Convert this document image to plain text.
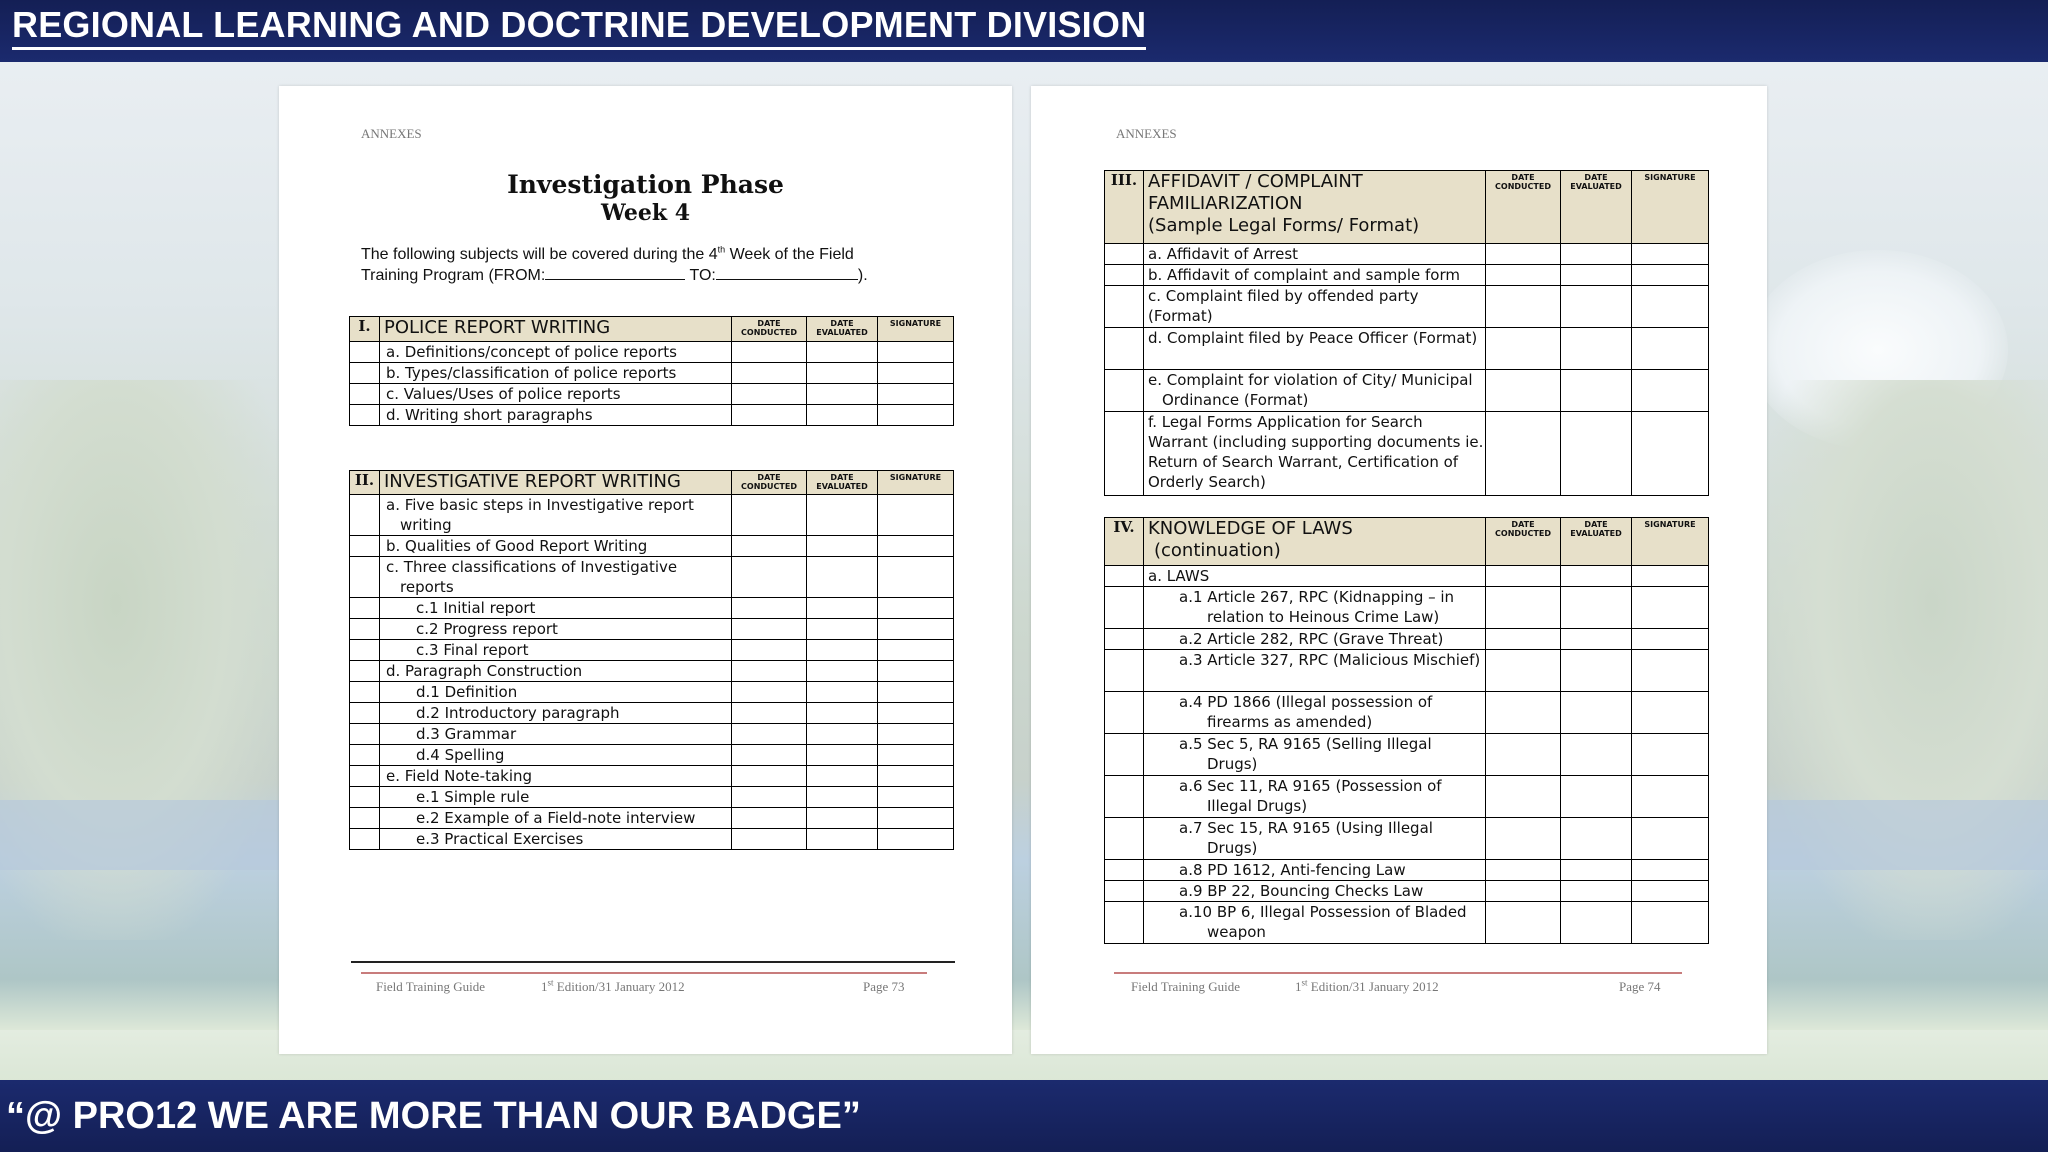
REGIONAL LEARNING AND DOCTRINE DEVELOPMENT DIVISION
ANNEXES
Investigation Phase
Week 4
The following subjects will be covered during the 4th Week of the Field
Training Program (FROM:	TO:	).
I.	POLICE REPORT WRITING	DATE CONDUCTED	DATE EVALUATED	SIGNATURE
	a. Definitions/concept of police reports			
	b. Types/classification of police reports			
	c. Values/Uses of police reports			
	d. Writing short paragraphs			
II.	INVESTIGATIVE REPORT WRITING	DATE CONDUCTED	DATE EVALUATED	SIGNATURE

	a. Five basic steps in Investigative report writing			

	b. Qualities of Good Report Writing			

	c. Three classifications of Investigative reports			

	c.1 Initial report			
	c.2 Progress report			
	c.3 Final report			
	d. Paragraph Construction			
	d.1 Definition			
	d.2 Introductory paragraph			
	d.3 Grammar			
	d.4 Spelling			
	e. Field Note-taking			
	e.1 Simple rule			
	e.2 Example of a Field-note interview			
	e.3 Practical Exercises			
Field Training Guide	1st Edition/31 January 2012	Page 73
ANNEXES
III.	AFFIDAVIT / COMPLAINT
FAMILIARIZATION
(Sample Legal Forms/ Format)	DATE CONDUCTED	DATE EVALUATED	SIGNATURE
	a. Affidavit of Arrest			
	b. Affidavit of complaint and sample form			
	c. Complaint filed by offended party (Format)			
	d. Complaint filed by Peace Officer (Format)			

	e. Complaint for violation of City/ Municipal Ordinance (Format)			

	f. Legal Forms Application for Search Warrant (including supporting documents ie. Return of Search Warrant, Certification of Orderly Search)			
IV.	KNOWLEDGE OF LAWS
(continuation)	DATE CONDUCTED	DATE EVALUATED	SIGNATURE
	a. LAWS			

	a.1 Article 267, RPC (Kidnapping – in relation to Heinous Crime Law)			

	a.2 Article 282, RPC (Grave Threat)			

	a.3 Article 327, RPC (Malicious Mischief)			

	a.4 PD 1866 (Illegal possession of firearms as amended)			

	a.5 Sec 5, RA 9165 (Selling Illegal Drugs)			

	a.6 Sec 11, RA 9165 (Possession of Illegal Drugs)			

	a.7 Sec 15, RA 9165 (Using Illegal Drugs)			

	a.8 PD 1612, Anti-fencing Law			
	a.9 BP 22, Bouncing Checks Law			

	a.10 BP 6, Illegal Possession of Bladed weapon			

Field Training Guide	1st Edition/31 January 2012	Page 74
“@ PRO12 WE ARE MORE THAN OUR BADGE”
